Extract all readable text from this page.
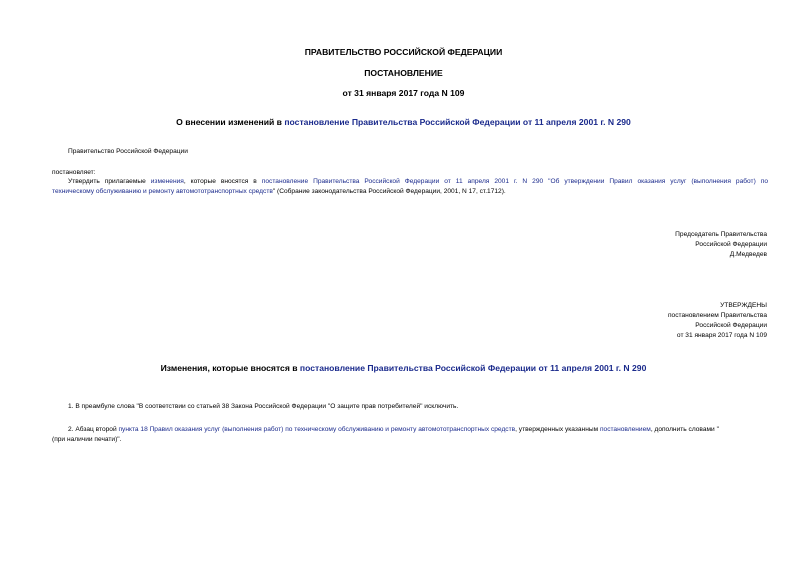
ПРАВИТЕЛЬСТВО РОССИЙСКОЙ ФЕДЕРАЦИИ
ПОСТАНОВЛЕНИЕ
от 31 января 2017 года N 109
О внесении изменений в постановление Правительства Российской Федерации от 11 апреля 2001 г. N 290
Правительство Российской Федерации
постановляет:
Утвердить прилагаемые изменения, которые вносятся в постановление Правительства Российской Федерации от 11 апреля 2001 г. N 290 "Об утверждении Правил оказания услуг (выполнения работ) по
техническому обслуживанию и ремонту автомототранспортных средств" (Собрание законодательства Российской Федерации, 2001, N 17, ст.1712).
Председатель Правительства
Российской Федерации
Д.Медведев
УТВЕРЖДЕНЫ
постановлением Правительства
Российской Федерации
от 31 января 2017 года N 109
Изменения, которые вносятся в постановление Правительства Российской Федерации от 11 апреля 2001 г. N 290
1. В преамбуле слова "В соответствии со статьей 38 Закона Российской Федерации "О защите прав потребителей" исключить.
2. Абзац второй пункта 18 Правил оказания услуг (выполнения работ) по техническому обслуживанию и ремонту автомототранспортных средств, утвержденных указанным постановлением, дополнить словами "
(при наличии печати)".
